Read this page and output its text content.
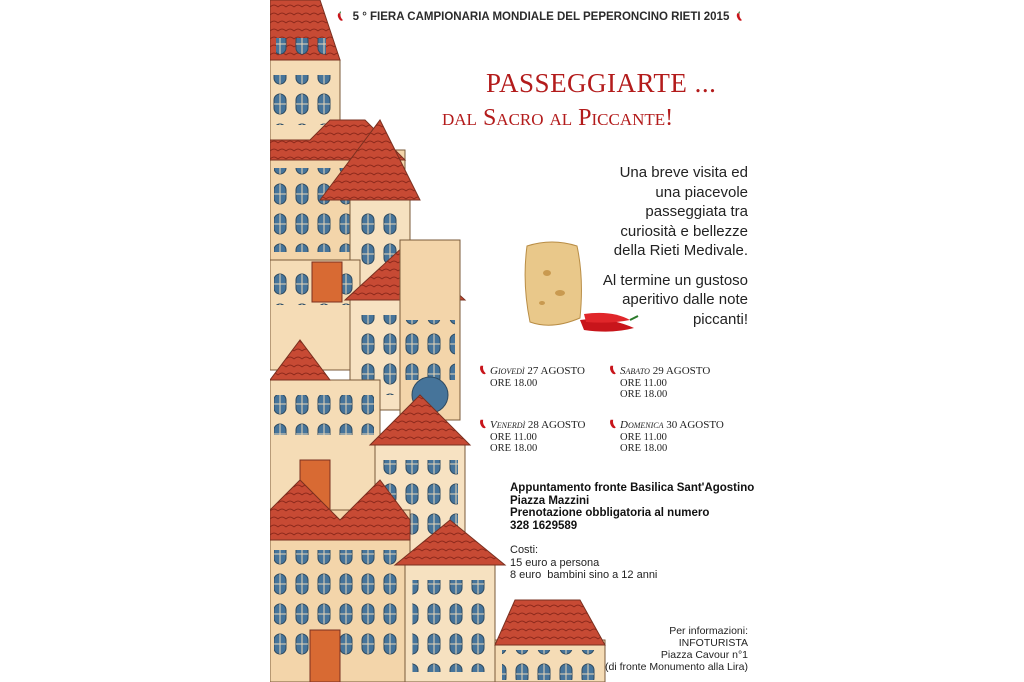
5 ° FIERA CAMPIONARIA MONDIALE DEL PEPERONCINO RIETI 2015
PASSEGGIARTE ...
dal Sacro al Piccante!

Una breve visita ed
una piacevole
passeggiata tra
curiosità e bellezze
della Rieti Medivale.

Al termine un gustoso
aperitivo dalle note
piccanti!

Giovedì 27 AGOSTO
ORE 18.00
Sabato 29 AGOSTO
ORE 11.00
ORE 18.00
Venerdì 28 AGOSTO
ORE 11.00
ORE 18.00
Domenica 30 AGOSTO
ORE 11.00
ORE 18.00
Appuntamento fronte Basilica Sant'Agostino
Piazza Mazzini
Prenotazione obbligatoria al numero
328 1629589
Costi:
15 euro a persona
8 euro  bambini sino a 12 anni
Per informazioni:
INFOTURISTA
Piazza Cavour n°1
(di fronte Monumento alla Lira)
